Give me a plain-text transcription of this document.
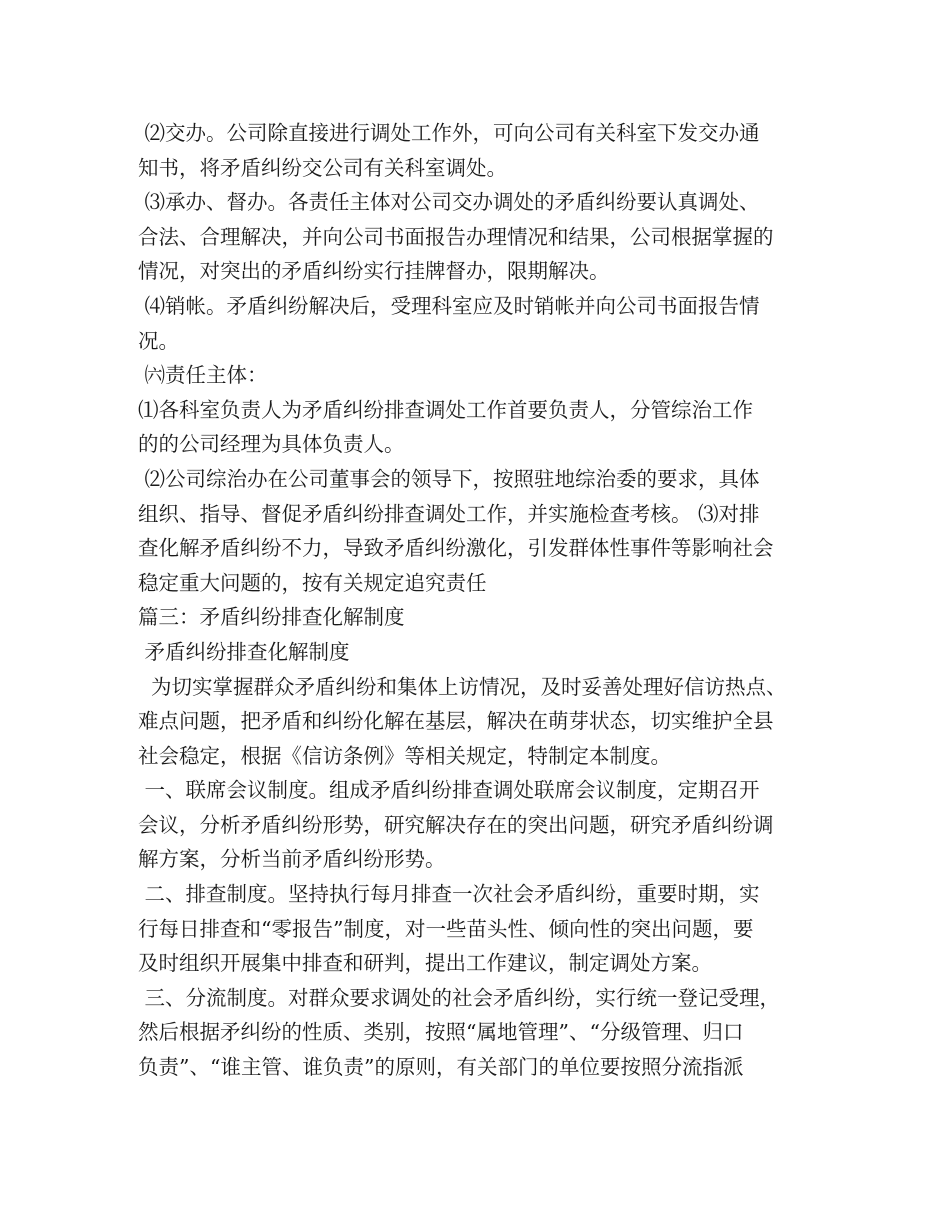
⑵交办。公司除直接进行调处工作外，可向公司有关科室下发交办通
知书，将矛盾纠纷交公司有关科室调处。
⑶承办、督办。各责任主体对公司交办调处的矛盾纠纷要认真调处、
合法、合理解决，并向公司书面报告办理情况和结果，公司根据掌握的
情况，对突出的矛盾纠纷实行挂牌督办，限期解决。
⑷销帐。矛盾纠纷解决后，受理科室应及时销帐并向公司书面报告情
况。
㈥责任主体：
⑴各科室负责人为矛盾纠纷排查调处工作首要负责人，分管综治工作
的的公司经理为具体负责人。
⑵公司综治办在公司董事会的领导下，按照驻地综治委的要求，具体
组织、指导、督促矛盾纠纷排查调处工作，并实施检查考核。 ⑶对排
查化解矛盾纠纷不力，导致矛盾纠纷激化，引发群体性事件等影响社会
稳定重大问题的，按有关规定追究责任
篇三：矛盾纠纷排查化解制度
矛盾纠纷排查化解制度
为切实掌握群众矛盾纠纷和集体上访情况，及时妥善处理好信访热点、
难点问题，把矛盾和纠纷化解在基层，解决在萌芽状态，切实维护全县
社会稳定，根据《信访条例》等相关规定，特制定本制度。
一、联席会议制度。组成矛盾纠纷排查调处联席会议制度，定期召开
会议，分析矛盾纠纷形势，研究解决存在的突出问题，研究矛盾纠纷调
解方案，分析当前矛盾纠纷形势。
二、排查制度。坚持执行每月排查一次社会矛盾纠纷，重要时期，实
行每日排查和“零报告”制度，对一些苗头性、倾向性的突出问题，要
及时组织开展集中排查和研判，提出工作建议，制定调处方案。
三、分流制度。对群众要求调处的社会矛盾纠纷，实行统一登记受理，
然后根据矛纠纷的性质、类别，按照“属地管理”、“分级管理、归口
负责”、“谁主管、谁负责”的原则，有关部门的单位要按照分流指派
